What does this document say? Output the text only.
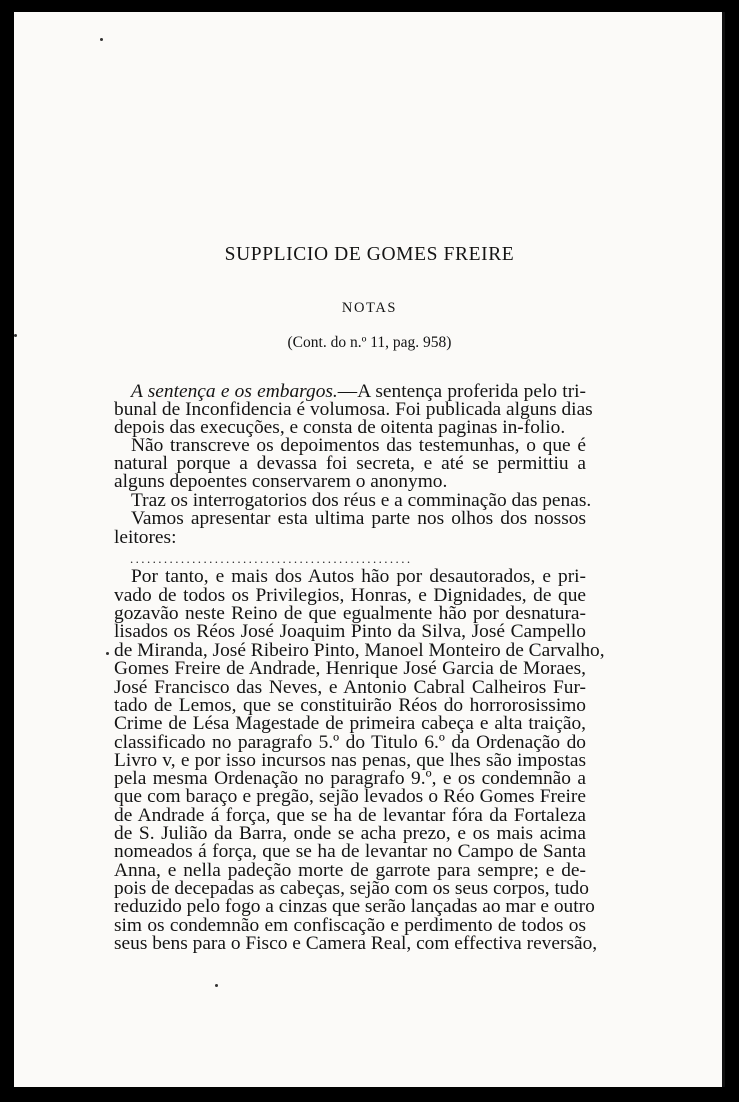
SUPPLICIO DE GOMES FREIRE
NOTAS
(Cont. do n.º 11, pag. 958)
A sentença e os embargos.—A sentença proferida pelo tri-
bunal de Inconfidencia é volumosa. Foi publicada alguns dias
depois das execuções, e consta de oitenta paginas in-folio.
Não transcreve os depoimentos das testemunhas, o que é
natural porque a devassa foi secreta, e até se permittiu a
alguns depoentes conservarem o anonymo.
Traz os interrogatorios dos réus e a comminação das penas.
Vamos apresentar esta ultima parte nos olhos dos nossos
leitores:
..................................................
Por tanto, e mais dos Autos hão por desautorados, e pri-
vado de todos os Privilegios, Honras, e Dignidades, de que
gozavão neste Reino de que egualmente hão por desnatura-
lisados os Réos José Joaquim Pinto da Silva, José Campello
de Miranda, José Ribeiro Pinto, Manoel Monteiro de Carvalho,
Gomes Freire de Andrade, Henrique José Garcia de Moraes,
José Francisco das Neves, e Antonio Cabral Calheiros Fur-
tado de Lemos, que se constituirão Réos do horrorosissimo
Crime de Lésa Magestade de primeira cabeça e alta traição,
classificado no paragrafo 5.º do Titulo 6.º da Ordenação do
Livro v, e por isso incursos nas penas, que lhes são impostas
pela mesma Ordenação no paragrafo 9.º, e os condemnão a
que com baraço e pregão, sejão levados o Réo Gomes Freire
de Andrade á força, que se ha de levantar fóra da Fortaleza
de S. Julião da Barra, onde se acha prezo, e os mais acima
nomeados á força, que se ha de levantar no Campo de Santa
Anna, e nella padeção morte de garrote para sempre; e de-
pois de decepadas as cabeças, sejão com os seus corpos, tudo
reduzido pelo fogo a cinzas que serão lançadas ao mar e outro
sim os condemnão em confiscação e perdimento de todos os
seus bens para o Fisco e Camera Real, com effectiva reversão,
